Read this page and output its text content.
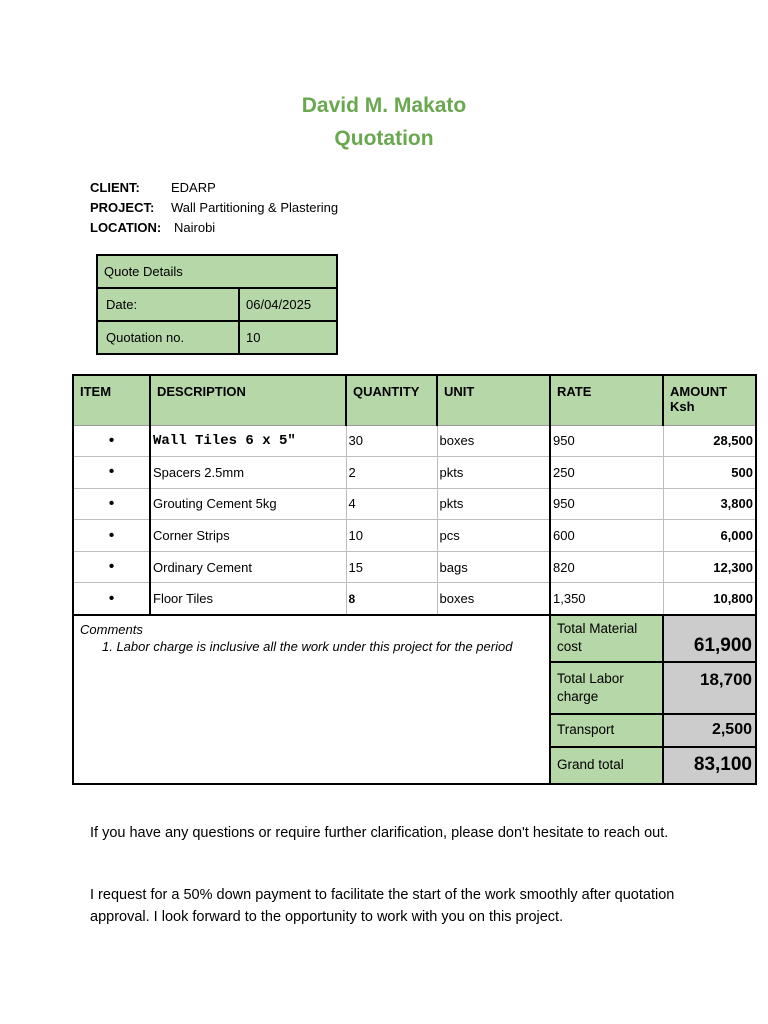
David M. Makato
Quotation
CLIENT:	EDARP
PROJECT:	Wall Partitioning & Plastering
LOCATION: Nairobi
Quote Details	
Date:	06/04/2025
Quotation no.	10
ITEM	DESCRIPTION	QUANTITY	UNIT	RATE	AMOUNT
Ksh
•	Wall Tiles 6 x 5"	30	boxes	950	28,500
•	Spacers 2.5mm	2	pkts	250	500
•	Grouting Cement 5kg	4	pkts	950	3,800
•	Corner Strips	10	pcs	600	6,000
•	Ordinary Cement	15	bags	820	12,300
•	Floor Tiles	8	boxes	1,350	10,800

Comments
1. Labor charge is inclusive all the work under this project for the period				Total Material cost	61,900
				Total Labor charge	18,700
				Transport	2,500
				Grand total	83,100
If you have any questions or require further clarification, please don't hesitate to reach out.
I request for a 50% down payment to facilitate the start of the work smoothly after quotation approval. I look forward to the opportunity to work with you on this project.
